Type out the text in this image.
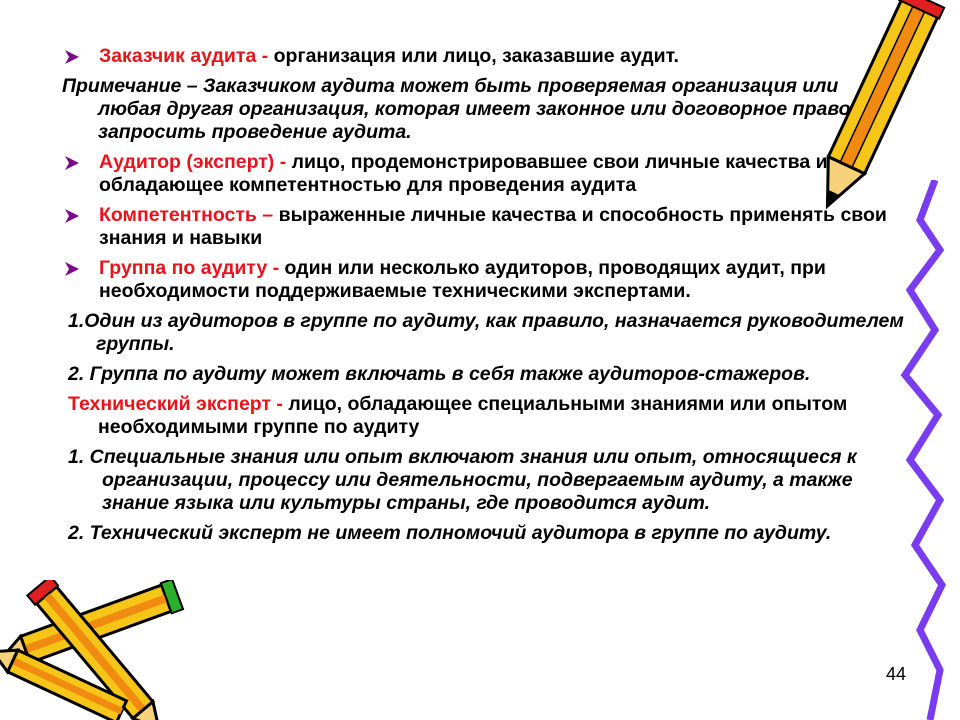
Заказчик аудита - организация или лицо, заказавшие аудит.
Примечание – Заказчиком аудита может быть проверяемая организация или любая другая организация, которая имеет законное или договорное право запросить проведение аудита.
Аудитор (эксперт) - лицо, продемонстрировавшее свои личные качества и обладающее компетентностью для проведения аудита
Компетентность – выраженные личные качества и способность применять свои знания и навыки
Группа по аудиту - один или несколько аудиторов, проводящих аудит, при необходимости поддерживаемые техническими экспертами.
1.Один из аудиторов в группе по аудиту, как правило, назначается руководителем группы.
2. Группа по аудиту может включать в себя также аудиторов-стажеров.
Технический эксперт - лицо, обладающее специальными знаниями или опытом необходимыми группе по аудиту
1. Специальные знания или опыт включают знания или опыт, относящиеся к организации, процессу или деятельности, подвергаемым аудиту, а также знание языка или культуры страны, где проводится аудит.
2. Технический эксперт не имеет полномочий аудитора в группе по аудиту.
44
